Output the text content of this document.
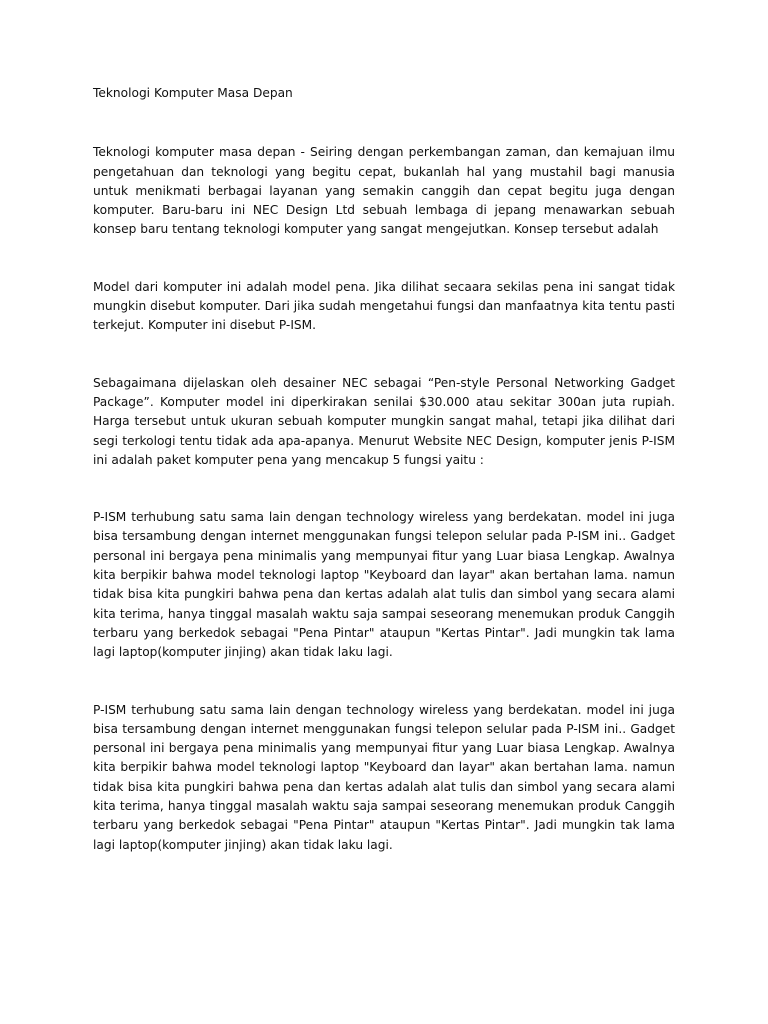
Teknologi Komputer Masa Depan

Teknologi komputer masa depan - Seiring dengan perkembangan zaman, dan kemajuan ilmu pengetahuan dan teknologi yang begitu cepat, bukanlah hal yang mustahil bagi manusia untuk menikmati berbagai layanan yang semakin canggih dan cepat begitu juga dengan komputer. Baru-baru ini NEC Design Ltd sebuah lembaga di jepang menawarkan sebuah konsep baru tentang teknologi komputer yang sangat mengejutkan. Konsep tersebut adalah

Model dari komputer ini adalah model pena. Jika dilihat secaara sekilas pena ini sangat tidak mungkin disebut komputer. Dari jika sudah mengetahui fungsi dan manfaatnya kita tentu pasti terkejut. Komputer ini disebut P-ISM.

Sebagaimana dijelaskan oleh desainer NEC sebagai “Pen-style Personal Networking Gadget Package”. Komputer model ini diperkirakan senilai $30.000 atau sekitar 300an juta rupiah. Harga tersebut untuk ukuran sebuah komputer mungkin sangat mahal, tetapi jika dilihat dari segi terkologi tentu tidak ada apa-apanya. Menurut Website NEC Design, komputer jenis P-ISM ini adalah paket komputer pena yang mencakup 5 fungsi yaitu :

P-ISM terhubung satu sama lain dengan technology wireless yang berdekatan. model ini juga bisa tersambung dengan internet menggunakan fungsi telepon selular pada P-ISM ini.. Gadget personal ini bergaya pena minimalis yang mempunyai fitur yang Luar biasa Lengkap. Awalnya kita berpikir bahwa model teknologi laptop "Keyboard dan layar" akan bertahan lama. namun tidak bisa kita pungkiri bahwa pena dan kertas adalah alat tulis dan simbol yang secara alami kita terima, hanya tinggal masalah waktu saja sampai seseorang menemukan produk Canggih terbaru yang berkedok sebagai "Pena Pintar" ataupun "Kertas Pintar". Jadi mungkin tak lama lagi laptop(komputer jinjing) akan tidak laku lagi.

P-ISM terhubung satu sama lain dengan technology wireless yang berdekatan. model ini juga bisa tersambung dengan internet menggunakan fungsi telepon selular pada P-ISM ini.. Gadget personal ini bergaya pena minimalis yang mempunyai fitur yang Luar biasa Lengkap. Awalnya kita berpikir bahwa model teknologi laptop "Keyboard dan layar" akan bertahan lama. namun tidak bisa kita pungkiri bahwa pena dan kertas adalah alat tulis dan simbol yang secara alami kita terima, hanya tinggal masalah waktu saja sampai seseorang menemukan produk Canggih terbaru yang berkedok sebagai "Pena Pintar" ataupun "Kertas Pintar". Jadi mungkin tak lama lagi laptop(komputer jinjing) akan tidak laku lagi.
